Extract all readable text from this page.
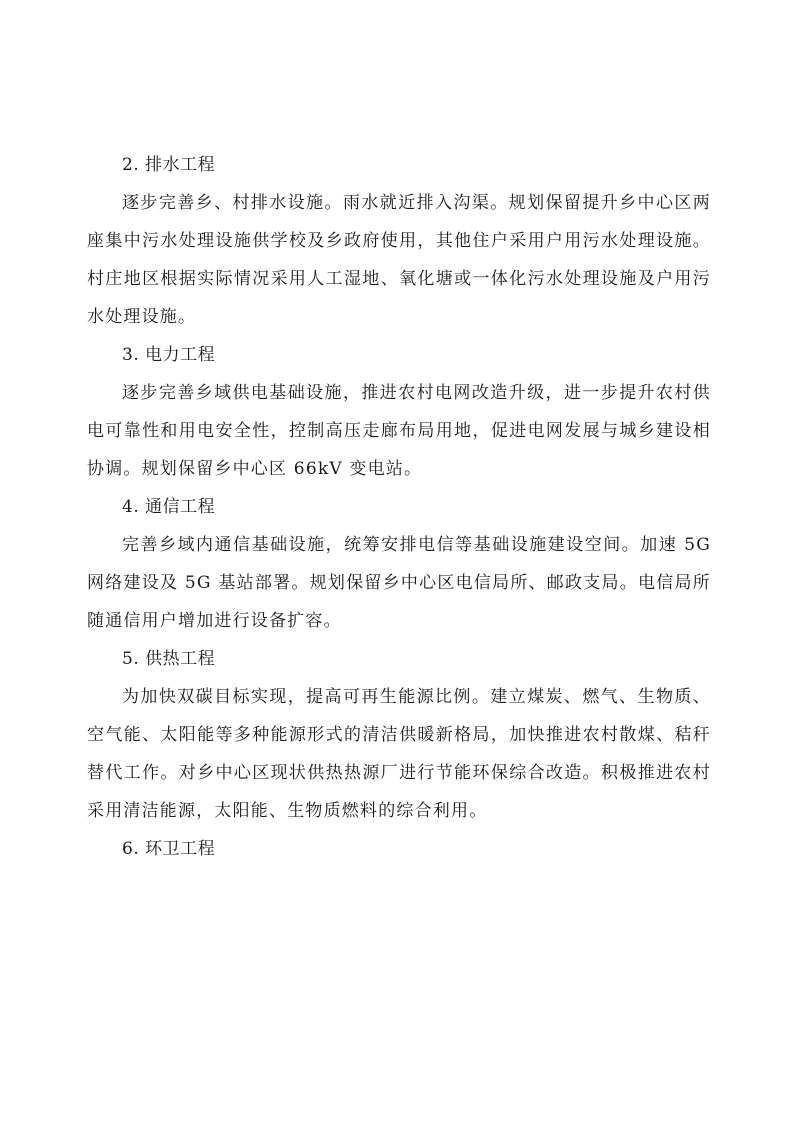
2. 排水工程

逐步完善乡、村排水设施。雨水就近排入沟渠。规划保留提升乡中心区两座集中污水处理设施供学校及乡政府使用，其他住户采用户用污水处理设施。村庄地区根据实际情况采用人工湿地、氧化塘或一体化污水处理设施及户用污水处理设施。

3. 电力工程

逐步完善乡域供电基础设施，推进农村电网改造升级，进一步提升农村供电可靠性和用电安全性，控制高压走廊布局用地，促进电网发展与城乡建设相协调。规划保留乡中心区 66kV 变电站。

4. 通信工程

完善乡域内通信基础设施，统筹安排电信等基础设施建设空间。加速 5G 网络建设及 5G 基站部署。规划保留乡中心区电信局所、邮政支局。电信局所随通信用户增加进行设备扩容。

5. 供热工程

为加快双碳目标实现，提高可再生能源比例。建立煤炭、燃气、生物质、空气能、太阳能等多种能源形式的清洁供暖新格局，加快推进农村散煤、秸秆替代工作。对乡中心区现状供热热源厂进行节能环保综合改造。积极推进农村采用清洁能源，太阳能、生物质燃料的综合利用。

6. 环卫工程
